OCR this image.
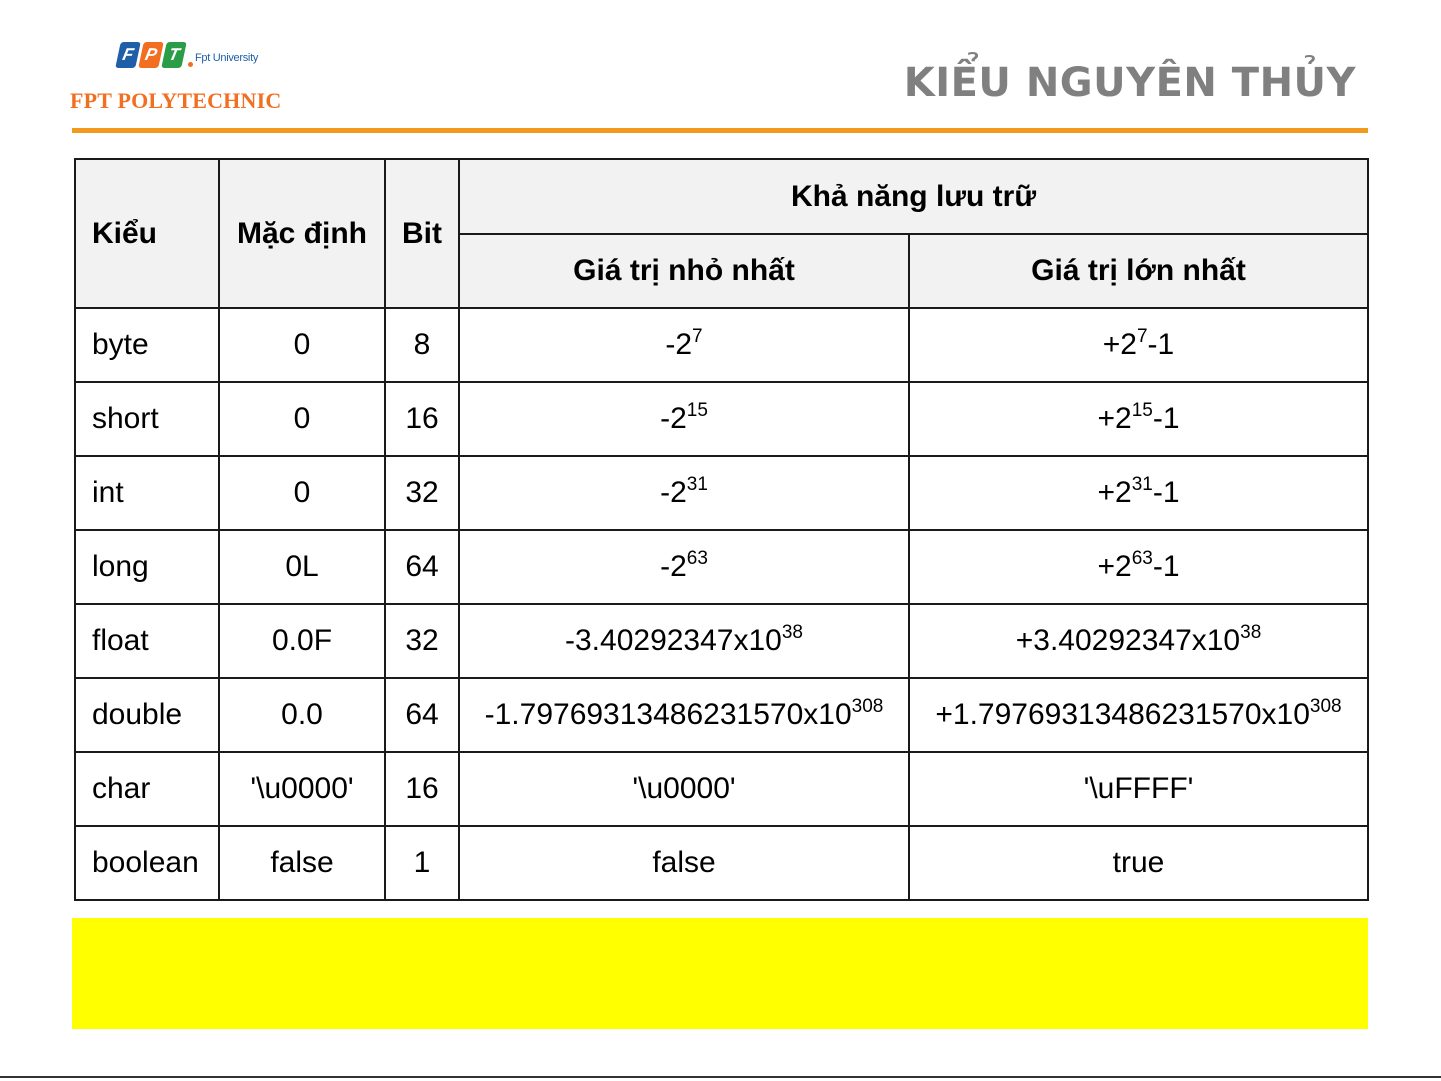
F P T	Fpt University
FPT POLYTECHNIC	KIỂU NGUYÊN THỦY
Kiểu	Mặc định	Bit	Khả năng lưu trữ	
			Giá trị nhỏ nhất	Giá trị lớn nhất
byte	0	8	$-2^7$	$+2^7-1$
short	0	16	$-2^{15}$	$+2^{15}-1$
int	0	32	$-2^{31}$	$+2^{31}-1$
long	0L	64	$-2^{63}$	$+2^{63}-1$
float	0.0F	32	$-3.40292347x10^{38}$	$+3.40292347x10^{38}$
double	0.0	64	$-1.79769313486231570x10^{308}$	$+1.79769313486231570x10^{308}$
char	'\u0000'	16	'\u0000'	'\uFFFF'
boolean	false	1	false	true
